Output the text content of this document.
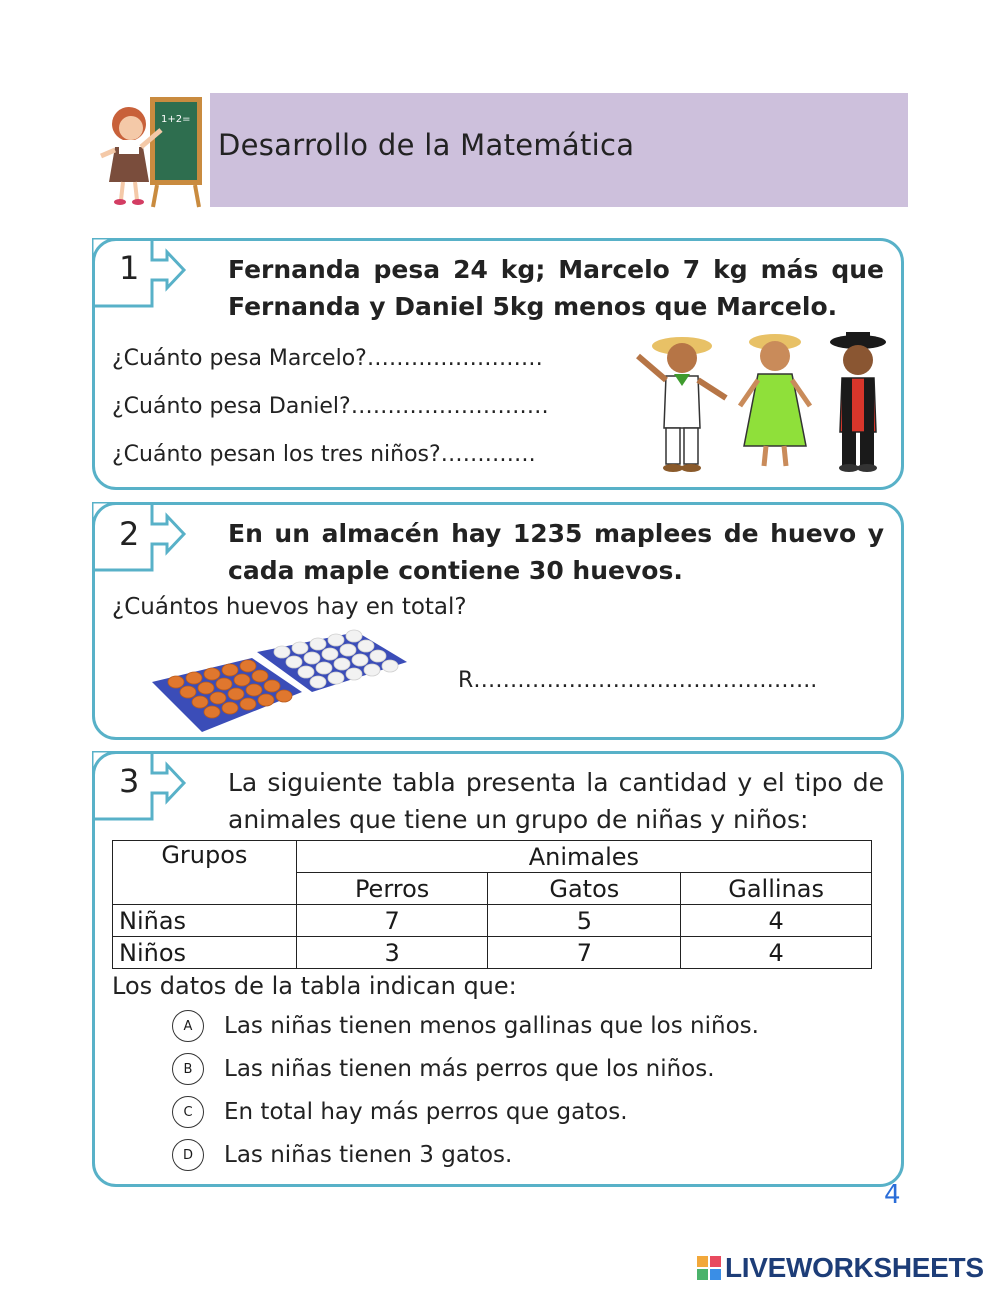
1+2=
Desarrollo de la Matemática
1	Fernanda pesa 24 kg; Marcelo 7 kg más que Fernanda y Daniel 5kg menos que Marcelo.
¿Cuánto pesa Marcelo?……………………
¿Cuánto pesa Daniel?………………………
¿Cuánto pesan los tres niños?………….
2	En un almacén hay 1235 maplees de huevo y cada maple contiene 30 huevos.
¿Cuántos huevos hay en total?
R………………………………………..
3	La siguiente tabla presenta la cantidad y el tipo de animales que tiene un grupo de niñas y niños:
Grupos	Animales		
	Perros	Gatos	Gallinas
Niñas	7	5	4
Niños	3	7	4
Los datos de la tabla indican que:
A	Las niñas tienen menos gallinas que los niños.
B	Las niñas tienen más perros que los niños.
C	En total hay más perros que gatos.
D	Las niñas tienen 3 gatos.
4
LIVEWORKSHEETS
